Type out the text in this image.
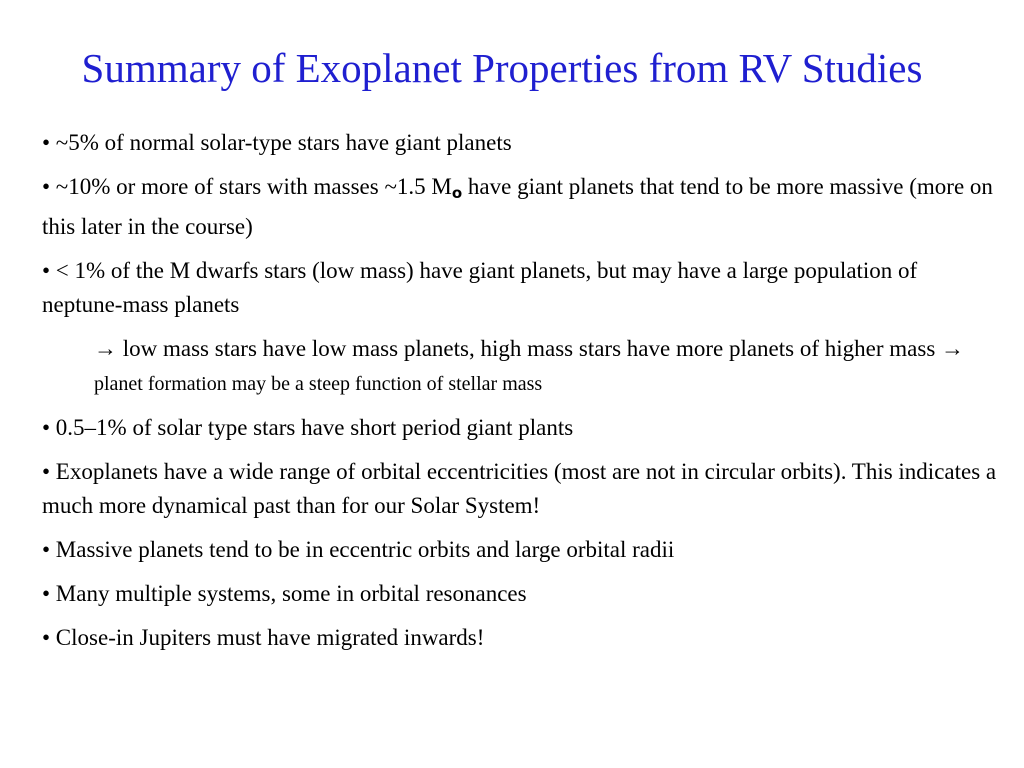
Summary of Exoplanet Properties from RV Studies

• ~5% of normal solar-type stars have giant planets

• ~10% or more of stars with masses ~1.5 Mo have giant planets that tend to be more massive (more on this later in the course)

• < 1% of the M dwarfs stars (low mass) have giant planets, but may have a large population of neptune-mass planets

→ low mass stars have low mass planets, high mass stars have more planets of higher mass → planet formation may be a steep function of stellar mass

• 0.5–1% of solar type stars have short period giant plants

• Exoplanets have a wide range of orbital eccentricities (most are not in circular orbits). This indicates a much more dynamical past than for our Solar System!

• Massive planets tend to be in eccentric orbits and large orbital radii

• Many multiple systems, some in orbital resonances

• Close-in Jupiters must have migrated inwards!
